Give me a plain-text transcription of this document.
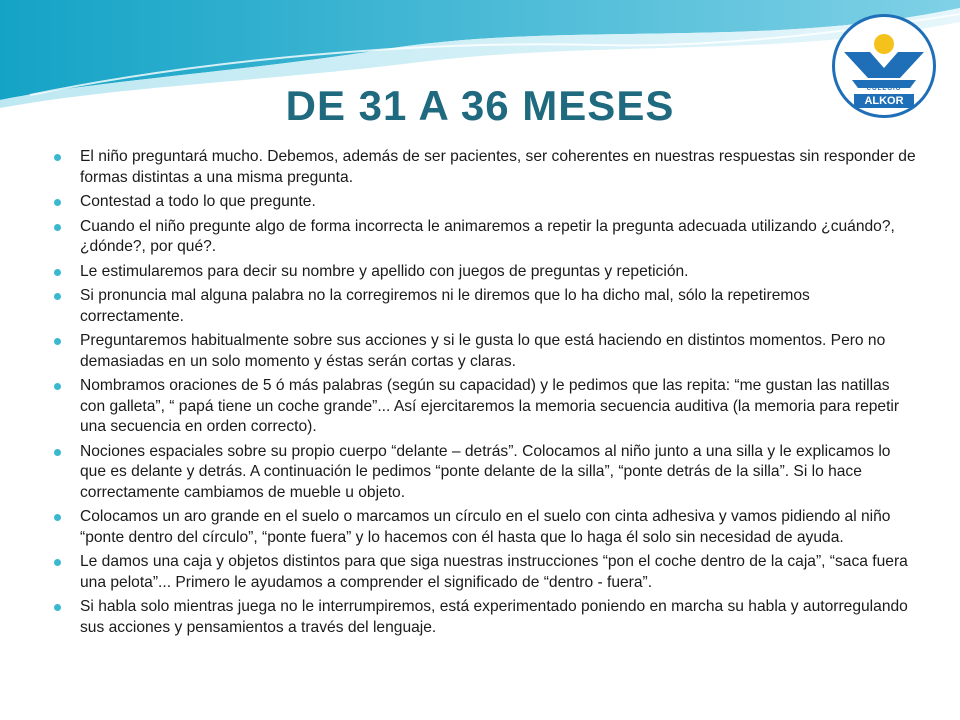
COLEGIO
ALKOR
DE 31 A 36 MESES
El niño preguntará mucho. Debemos, además de ser pacientes, ser coherentes en nuestras respuestas sin responder de formas distintas a una misma pregunta.
Contestad a todo lo que pregunte.
Cuando el niño pregunte algo de forma incorrecta le animaremos a repetir la pregunta adecuada utilizando ¿cuándo?, ¿dónde?, por qué?.
Le estimularemos para decir su nombre y apellido con juegos de preguntas y repetición.
Si pronuncia mal alguna palabra no la corregiremos ni le diremos que lo ha dicho mal, sólo la repetiremos correctamente.
Preguntaremos habitualmente sobre sus acciones y si le gusta lo que está haciendo en distintos momentos. Pero no demasiadas en un solo momento y éstas serán cortas y claras.
Nombramos oraciones de 5 ó más palabras (según su capacidad) y le pedimos que las repita: “me gustan las natillas con galleta”, “ papá tiene un coche grande”... Así ejercitaremos la memoria secuencia auditiva (la memoria para repetir una secuencia en orden correcto).
Nociones espaciales sobre su propio cuerpo “delante – detrás”. Colocamos al niño junto a una silla y le explicamos lo que es delante y detrás. A continuación le pedimos “ponte delante de la silla”, “ponte detrás de la silla”. Si lo hace correctamente cambiamos de mueble u objeto.
Colocamos un aro grande en el suelo o marcamos un círculo en el suelo con cinta adhesiva y vamos pidiendo al niño “ponte dentro del círculo”, “ponte fuera” y lo hacemos con él hasta que lo haga él solo sin necesidad de ayuda.
Le damos una caja y objetos distintos para que siga nuestras instrucciones “pon el coche dentro de la caja”, “saca fuera una pelota”... Primero le ayudamos a comprender el significado de “dentro - fuera”.
Si habla solo mientras juega no le interrumpiremos, está experimentado poniendo en marcha su habla y autorregulando sus acciones y pensamientos a través del lenguaje.
